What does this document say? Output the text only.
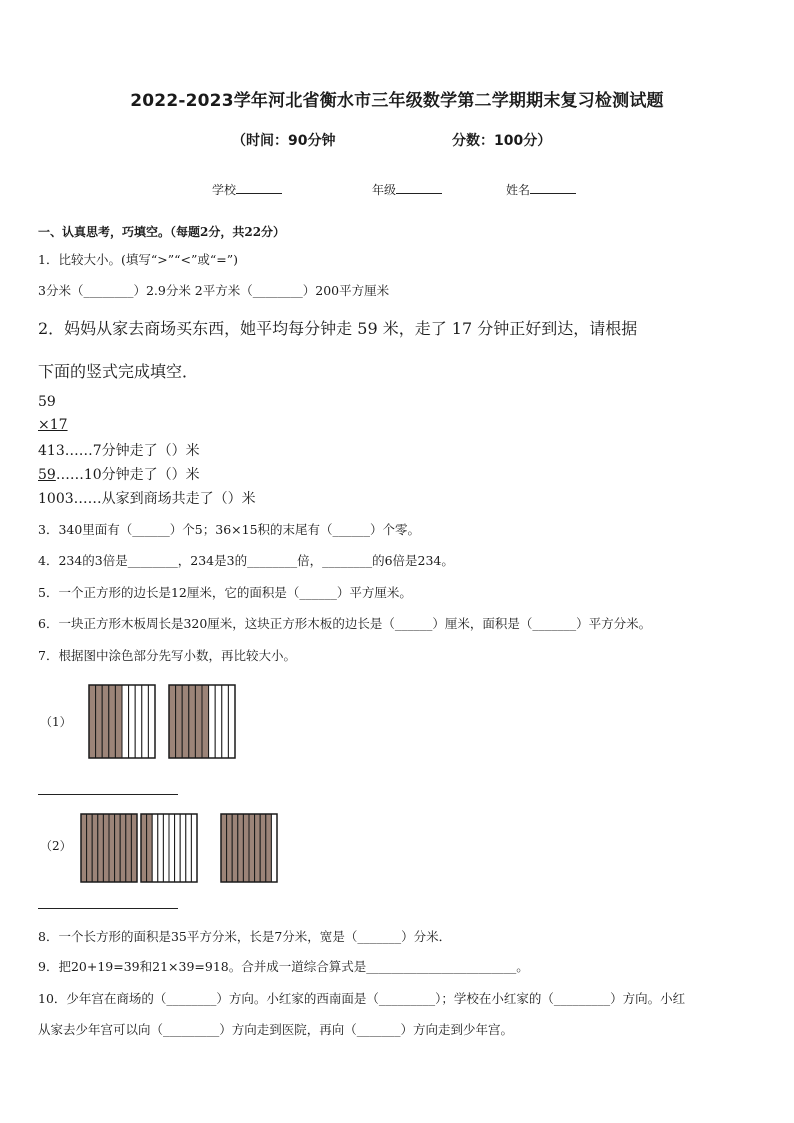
2022-2023学年河北省衡水市三年级数学第二学期期末复习检测试题
（时间：90分钟	分数：100分）
学校	年级	姓名
一、认真思考，巧填空。（每题2分，共22分）
1．比较大小。(填写“>”“<”或“=”)
3分米（________）2.9分米 2平方米（________）200平方厘米
2．妈妈从家去商场买东西，她平均每分钟走 59 米，走了 17 分钟正好到达，请根据
下面的竖式完成填空．
59
×17
413……7分钟走了（）米
59……10分钟走了（）米
1003……从家到商场共走了（）米
3．340里面有（______）个5；36×15积的末尾有（______）个零。
4．234的3倍是________，234是3的________倍，________的6倍是234。
5．一个正方形的边长是12厘米，它的面积是（______）平方厘米。
6．一块正方形木板周长是320厘米，这块正方形木板的边长是（______）厘米，面积是（_______）平方分米。
7．根据图中涂色部分先写小数，再比较大小。
（1）
（2）
8．一个长方形的面积是35平方分米，长是7分米，宽是（_______）分米．
9．把20+19=39和21×39=918。合并成一道综合算式是________________________。
10．少年宫在商场的（________）方向。小红家的西南面是（_________）；学校在小红家的（_________）方向。小红
从家去少年宫可以向（_________）方向走到医院，再向（_______）方向走到少年宫。
